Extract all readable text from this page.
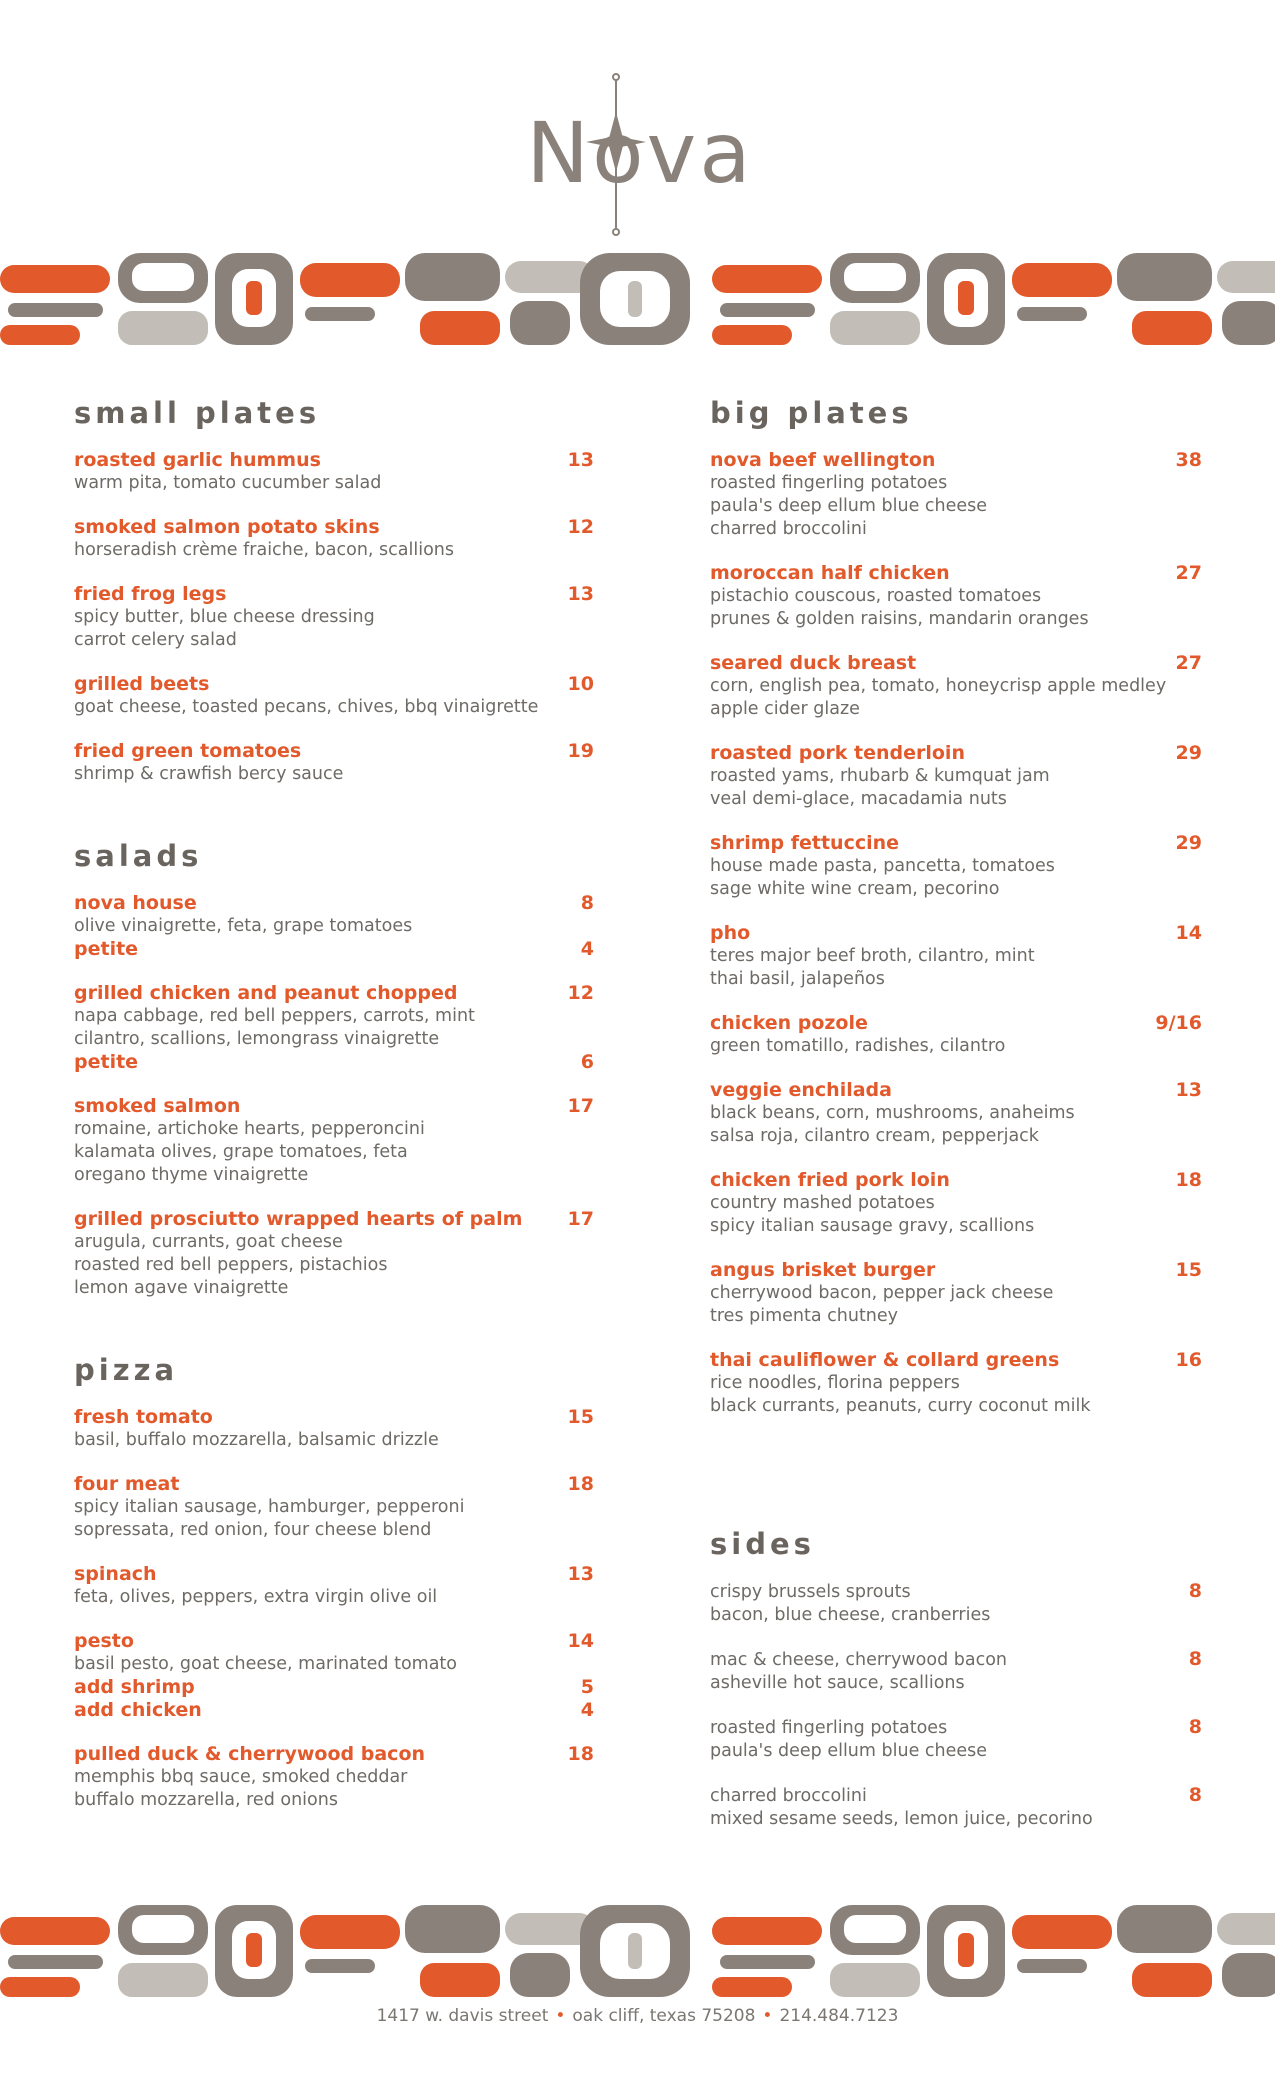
Nova
small plates
roasted garlic hummus	13
warm pita, tomato cucumber salad
smoked salmon potato skins	12
horseradish crème fraiche, bacon, scallions
fried frog legs	13
spicy butter, blue cheese dressing
carrot celery salad
grilled beets	10
goat cheese, toasted pecans, chives, bbq vinaigrette
fried green tomatoes	19
shrimp & crawfish bercy sauce
salads
nova house	8
olive vinaigrette, feta, grape tomatoes
petite	4
grilled chicken and peanut chopped	12
napa cabbage, red bell peppers, carrots, mint
cilantro, scallions, lemongrass vinaigrette
petite	6
smoked salmon	17
romaine, artichoke hearts, pepperoncini
kalamata olives, grape tomatoes, feta
oregano thyme vinaigrette
grilled prosciutto wrapped hearts of palm 17
arugula, currants, goat cheese
roasted red bell peppers, pistachios
lemon agave vinaigrette
pizza
fresh tomato	15
basil, buffalo mozzarella, balsamic drizzle
four meat	18
spicy italian sausage, hamburger, pepperoni
sopressata, red onion, four cheese blend
spinach	13
feta, olives, peppers, extra virgin olive oil
pesto	14
basil pesto, goat cheese, marinated tomato
add shrimp	5
add chicken	4
pulled duck & cherrywood bacon	18
memphis bbq sauce, smoked cheddar
buffalo mozzarella, red onions
big plates
nova beef wellington	38
roasted fingerling potatoes
paula's deep ellum blue cheese
charred broccolini
moroccan half chicken	27
pistachio couscous, roasted tomatoes
prunes & golden raisins, mandarin oranges
seared duck breast	27
corn, english pea, tomato, honeycrisp apple medley
apple cider glaze
roasted pork tenderloin	29
roasted yams, rhubarb & kumquat jam
veal demi-glace, macadamia nuts
shrimp fettuccine	29
house made pasta, pancetta, tomatoes
sage white wine cream, pecorino
pho	14
teres major beef broth, cilantro, mint
thai basil, jalapeños
chicken pozole	9/16
green tomatillo, radishes, cilantro
veggie enchilada	13
black beans, corn, mushrooms, anaheims
salsa roja, cilantro cream, pepperjack
chicken fried pork loin	18
country mashed potatoes
spicy italian sausage gravy, scallions
angus brisket burger	15
cherrywood bacon, pepper jack cheese
tres pimenta chutney
thai cauliflower & collard greens	16
rice noodles, florina peppers
black currants, peanuts, curry coconut milk
sides
crispy brussels sprouts	8
bacon, blue cheese, cranberries
mac & cheese, cherrywood bacon	8
asheville hot sauce, scallions
roasted fingerling potatoes	8
paula's deep ellum blue cheese
charred broccolini	8
mixed sesame seeds, lemon juice, pecorino
1417 w. davis street • oak cliff, texas 75208 • 214.484.7123
